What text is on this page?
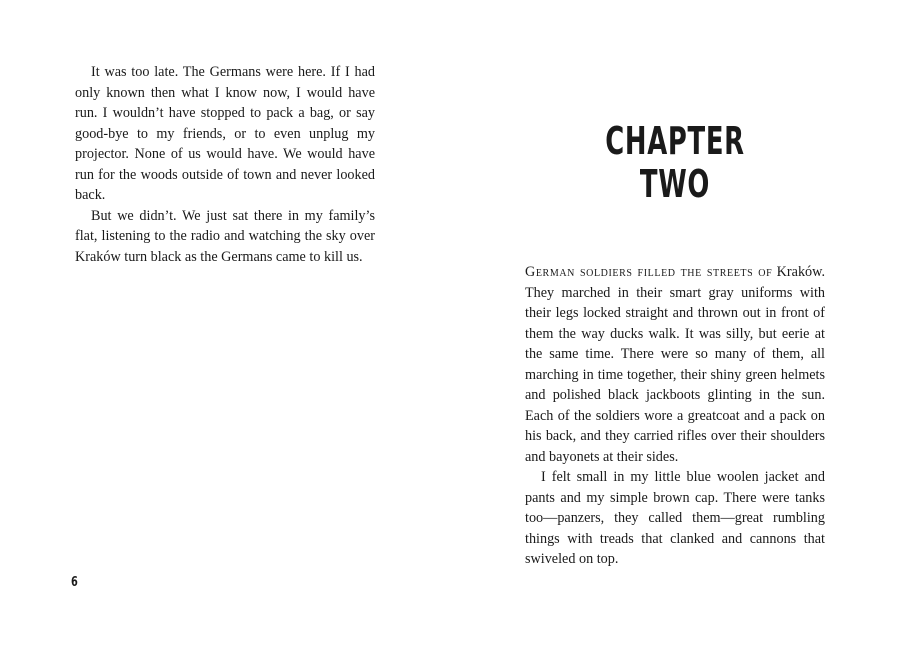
It was too late. The Germans were here. If I had only known then what I know now, I would have run. I wouldn’t have stopped to pack a bag, or say good-bye to my friends, or to even unplug my projector. None of us would have. We would have run for the woods outside of town and never looked back.

But we didn’t. We just sat there in my family’s flat, listening to the radio and watching the sky over Kraków turn black as the Germans came to kill us.

6
CHAPTER
TWO

German soldiers filled the streets of Kraków. They marched in their smart gray uniforms with their legs locked straight and thrown out in front of them the way ducks walk. It was silly, but eerie at the same time. There were so many of them, all marching in time together, their shiny green helmets and polished black jackboots glinting in the sun. Each of the soldiers wore a greatcoat and a pack on his back, and they carried rifles over their shoulders and bayonets at their sides.

I felt small in my little blue woolen jacket and pants and my simple brown cap. There were tanks too—panzers, they called them—great rumbling things with treads that clanked and cannons that swiveled on top.
